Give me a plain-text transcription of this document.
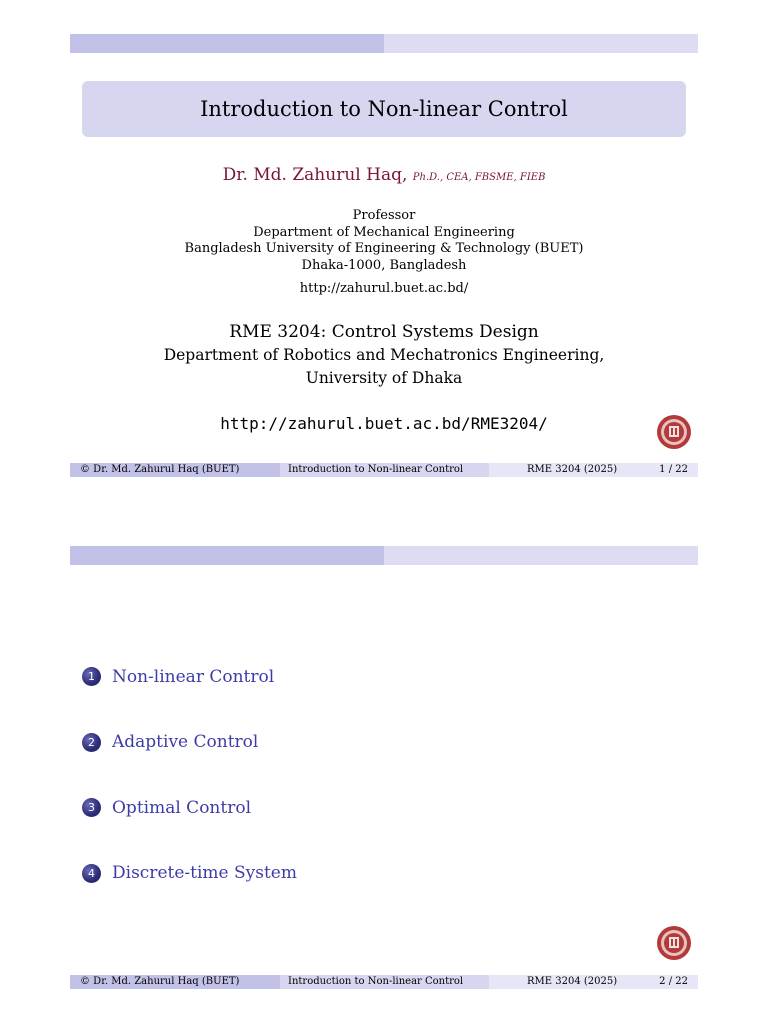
Introduction to Non-linear Control
Dr. Md. Zahurul Haq, Ph.D., CEA, FBSME, FIEB
Professor
Department of Mechanical Engineering
Bangladesh University of Engineering & Technology (BUET)
Dhaka-1000, Bangladesh
http://zahurul.buet.ac.bd/
RME 3204: Control Systems Design
Department of Robotics and Mechatronics Engineering,
University of Dhaka
http://zahurul.buet.ac.bd/RME3204/
© Dr. Md. Zahurul Haq (BUET)	Introduction to Non-linear Control	RME 3204 (2025)	1 / 22
1	Non-linear Control
2	Adaptive Control
3	Optimal Control
4	Discrete-time System
© Dr. Md. Zahurul Haq (BUET)	Introduction to Non-linear Control	RME 3204 (2025)	2 / 22
